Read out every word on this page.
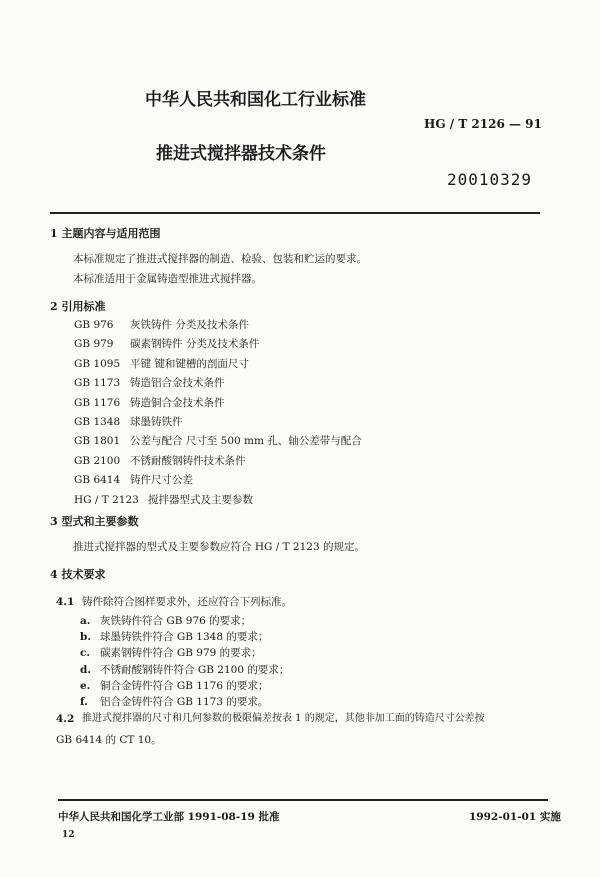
中华人民共和国化工行业标准
HG / T 2126 — 91
推进式搅拌器技术条件
20010329
1 主题内容与适用范围
本标准规定了推进式搅拌器的制造、检验、包装和贮运的要求。
本标准适用于金属铸造型推进式搅拌器。
2 引用标准
GB 976 灰铁铸件 分类及技术条件
GB 979 碳素钢铸件 分类及技术条件
GB 1095 平键 键和键槽的剖面尺寸
GB 1173 铸造铝合金技术条件
GB 1176 铸造铜合金技术条件
GB 1348 球墨铸铁件
GB 1801 公差与配合 尺寸至 500 mm 孔、轴公差带与配合
GB 2100 不锈耐酸钢铸件技术条件
GB 6414 铸件尺寸公差
HG / T 2123 搅拌器型式及主要参数
3 型式和主要参数
推进式搅拌器的型式及主要参数应符合 HG / T 2123 的规定。
4 技术要求
4.1 铸件除符合图样要求外，还应符合下列标准。
a. 灰铁铸件符合 GB 976 的要求；
b. 球墨铸铁件符合 GB 1348 的要求；
c. 碳素钢铸件符合 GB 979 的要求；
d. 不锈耐酸钢铸件符合 GB 2100 的要求；
e. 铜合金铸件符合 GB 1176 的要求；
f. 铝合金铸件符合 GB 1173 的要求。
4.2 推进式搅拌器的尺寸和几何参数的极限偏差按表 1 的规定，其他非加工面的铸造尺寸公差按
GB 6414 的 CT 10。
中华人民共和国化学工业部 1991-08-19 批准	1992-01-01 实施
12
